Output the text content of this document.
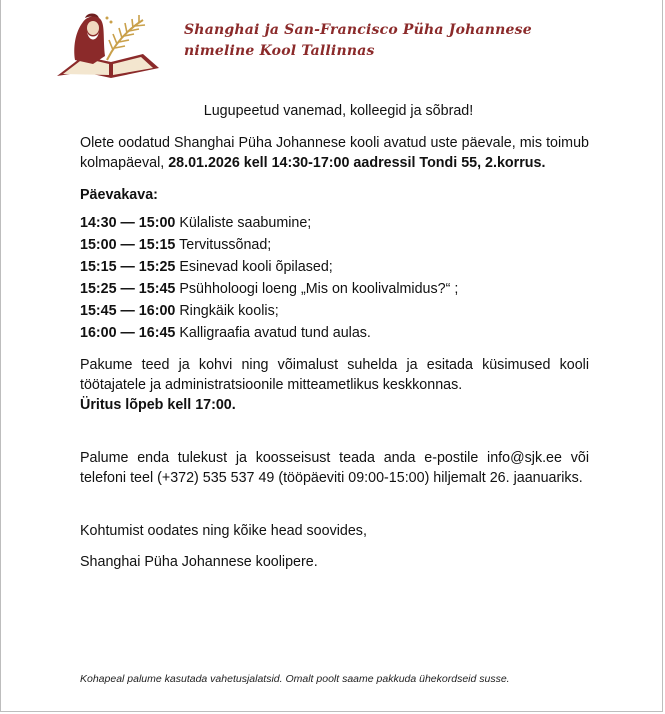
Shanghai ja San-Francisco Püha Johannese
nimeline Kool Tallinnas

Lugupeetud vanemad, kolleegid ja sõbrad!

Olete oodatud Shanghai Püha Johannese kooli avatud uste päevale, mis toimub kolmapäeval, 28.01.2026 kell 14:30-17:00 aadressil Tondi 55, 2.korrus.

Päevakava:
14:30 — 15:00 Külaliste saabumine;
15:00 — 15:15 Tervitussõnad;
15:15 — 15:25 Esinevad kooli õpilased;
15:25 — 15:45 Psühholoogi loeng „Mis on koolivalmidus?“ ;
15:45 — 16:00 Ringkäik koolis;
16:00 — 16:45 Kalligraafia avatud tund aulas.

Pakume teed ja kohvi ning võimalust suhelda ja esitada küsimused kooli töötajatele ja administratsioonile mitteametlikus keskkonnas.

Üritus lõpeb kell 17:00.

Palume enda tulekust ja koosseisust teada anda e-postile info@sjk.ee või telefoni teel (+372) 535 537 49 (tööpäeviti 09:00-15:00) hiljemalt 26. jaanuariks.

Kohtumist oodates ning kõike head soovides,
Shanghai Püha Johannese koolipere.
Kohapeal palume kasutada vahetusjalatsid. Omalt poolt saame pakkuda ühekordseid susse.
